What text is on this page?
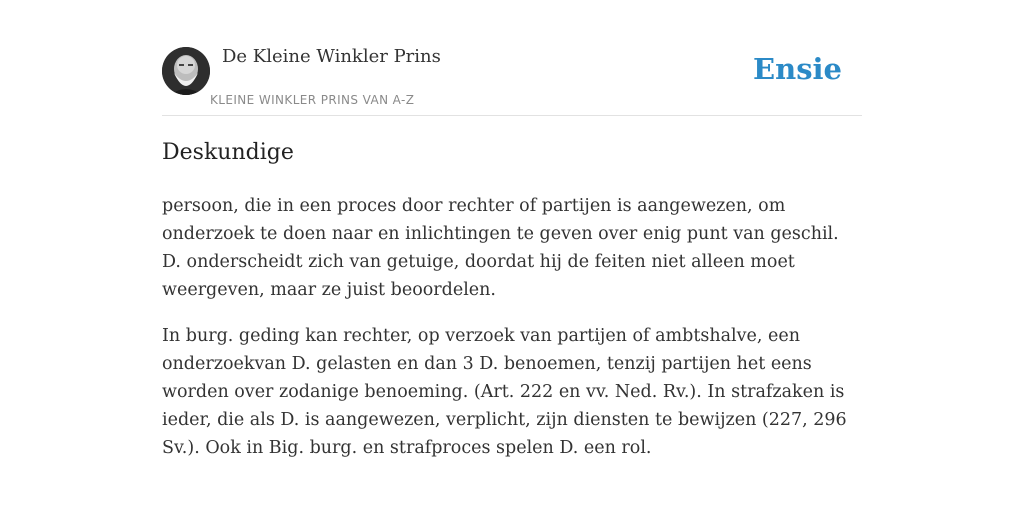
De Kleine Winkler Prins
KLEINE WINKLER PRINS VAN A-Z
Ensie
Deskundige

persoon, die in een proces door rechter of partijen is aangewezen, om onderzoek te doen naar en inlichtingen te geven over enig punt van geschil. D. onderscheidt zich van getuige, doordat hij de feiten niet alleen moet weergeven, maar ze juist beoordelen.

In burg. geding kan rechter, op verzoek van partijen of ambtshalve, een onderzoekvan D. gelasten en dan 3 D. benoemen, tenzij partijen het eens worden over zodanige benoeming. (Art. 222 en vv. Ned. Rv.). In strafzaken is ieder, die als D. is aangewezen, verplicht, zijn diensten te bewijzen (227, 296 Sv.). Ook in Big. burg. en strafproces spelen D. een rol.
